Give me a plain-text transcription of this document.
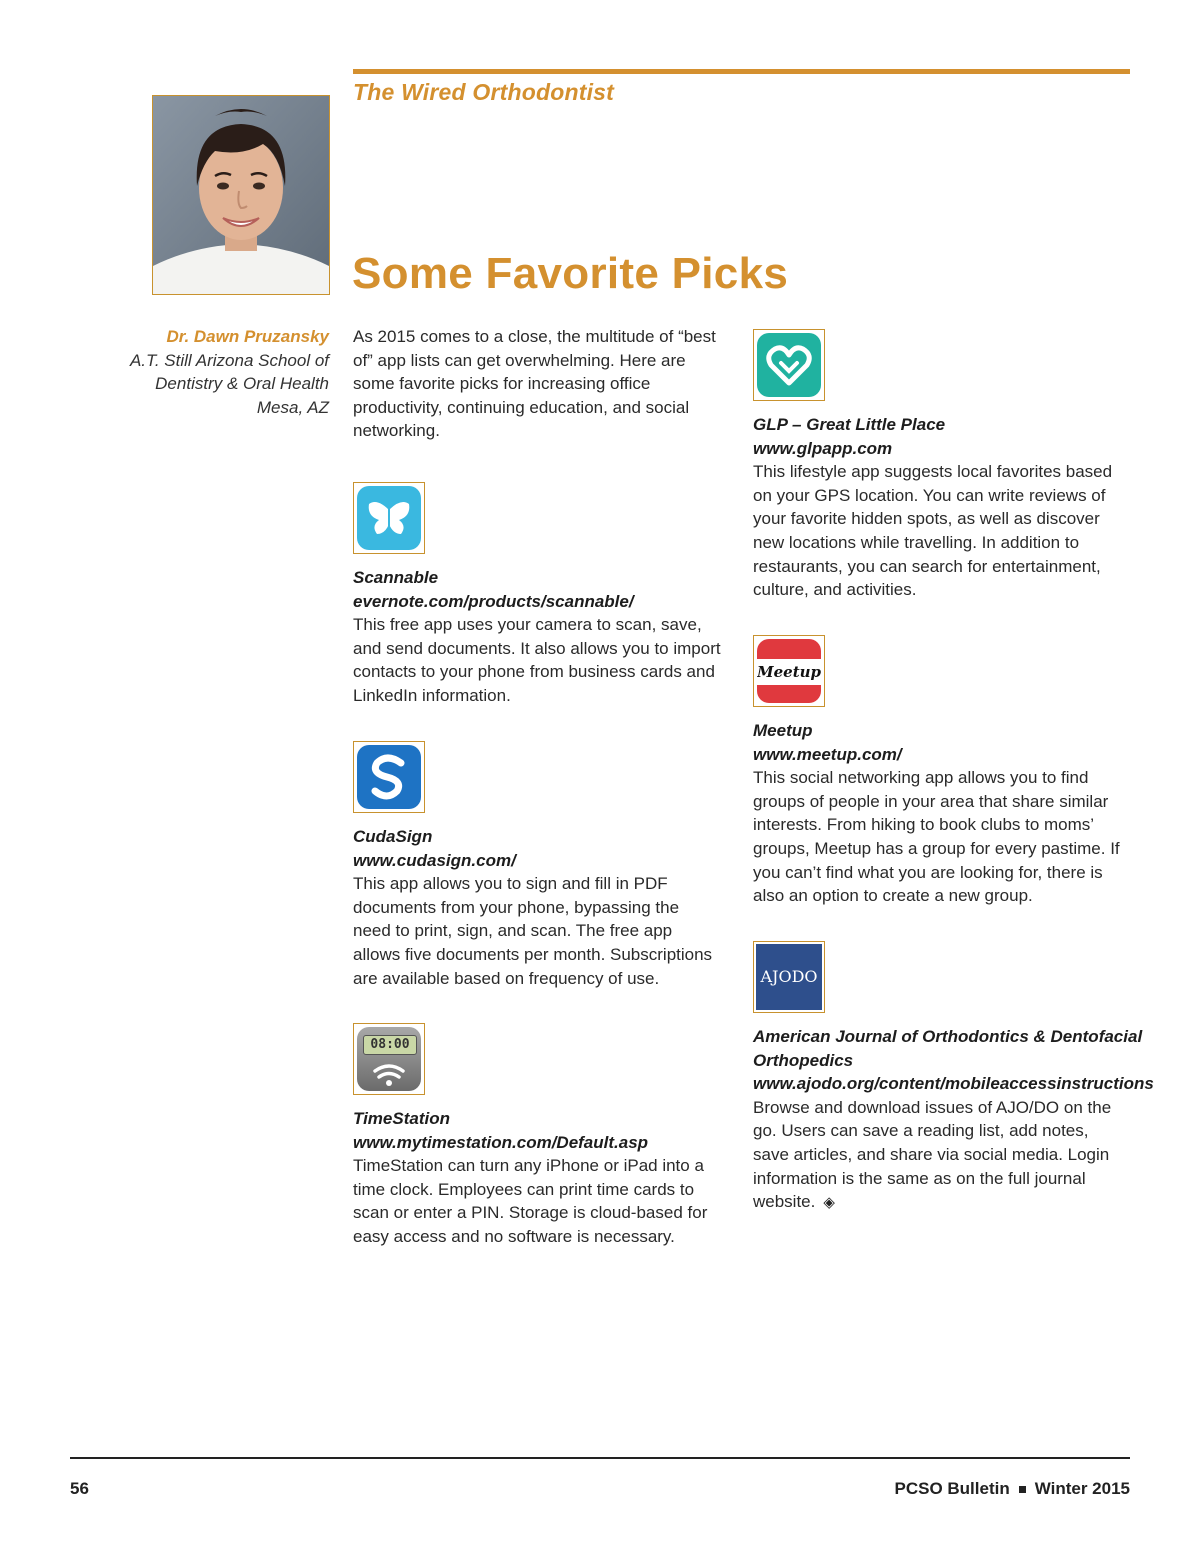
The Wired Orthodontist
Some Favorite Picks
Dr. Dawn Pruzansky
A.T. Still Arizona School of
Dentistry & Oral Health
Mesa, AZ
As 2015 comes to a close, the multitude of “best of” app lists can get overwhelming. Here are some favorite picks for increasing office productivity, continuing education, and social networking.
Scannable
evernote.com/products/scannable/
This free app uses your camera to scan, save, and send documents. It also allows you to import contacts to your phone from business cards and LinkedIn information.
CudaSign
www.cudasign.com/
This app allows you to sign and fill in PDF documents from your phone, bypassing the need to print, sign, and scan. The free app allows five documents per month. Subscriptions are available based on frequency of use.
08:00
TimeStation
www.mytimestation.com/Default.asp
TimeStation can turn any iPhone or iPad into a time clock. Employees can print time cards to scan or enter a PIN. Storage is cloud-based for easy access and no software is necessary.
GLP – Great Little Place
www.glpapp.com
This lifestyle app suggests local favorites based on your GPS location. You can write reviews of your favorite hidden spots, as well as discover new locations while travelling. In addition to restaurants, you can search for entertainment, culture, and activities.
Meetup
Meetup
www.meetup.com/
This social networking app allows you to find groups of people in your area that share similar interests. From hiking to book clubs to moms’ groups, Meetup has a group for every pastime. If you can’t find what you are looking for, there is also an option to create a new group.
AJODO
American Journal of Orthodontics & Dentofacial Orthopedics
www.ajodo.org/content/mobileaccessinstructions
Browse and download issues of AJO/DO on the go. Users can save a reading list, add notes, save articles, and share via social media. Login information is the same as on the full journal website. ◈
56	PCSO Bulletin Winter 2015
